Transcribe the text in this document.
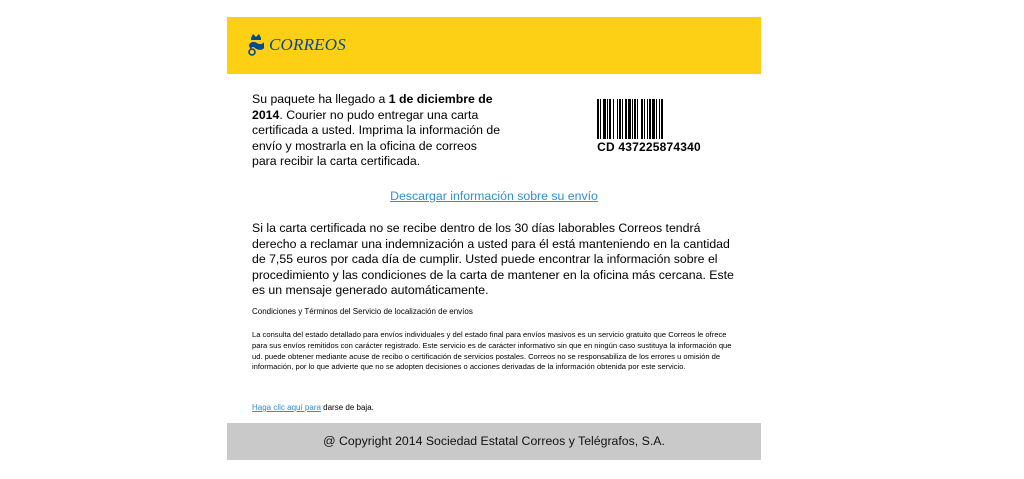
CORREOS
Su paquete ha llegado a 1 de diciembre de 2014. Courier no pudo entregar una carta certificada a usted. Imprima la información de envío y mostrarla en la oficina de correos para recibir la carta certificada.
CD 437225874340
Descargar información sobre su envío
Si la carta certificada no se recibe dentro de los 30 días laborables Correos tendrá derecho a reclamar una indemnización a usted para él está manteniendo en la cantidad de 7,55 euros por cada día de cumplir. Usted puede encontrar la información sobre el procedimiento y las condiciones de la carta de mantener en la oficina más cercana. Este es un mensaje generado automáticamente.
Condiciones y Términos del Servicio de localización de envíos
La consulta del estado detallado para envíos individuales y del estado final para envíos masivos es un servicio gratuito que Correos le ofrece para sus envíos remitidos con carácter registrado. Este servicio es de carácter informativo sin que en ningún caso sustituya la información que ud. puede obtener mediante acuse de recibo o certificación de servicios postales. Correos no se responsabiliza de los errores u omisión de información, por lo que advierte que no se adopten decisiones o acciones derivadas de la información obtenida por este servicio.
Haga clic aquí para darse de baja.
@ Copyright 2014 Sociedad Estatal Correos y Telégrafos, S.A.
